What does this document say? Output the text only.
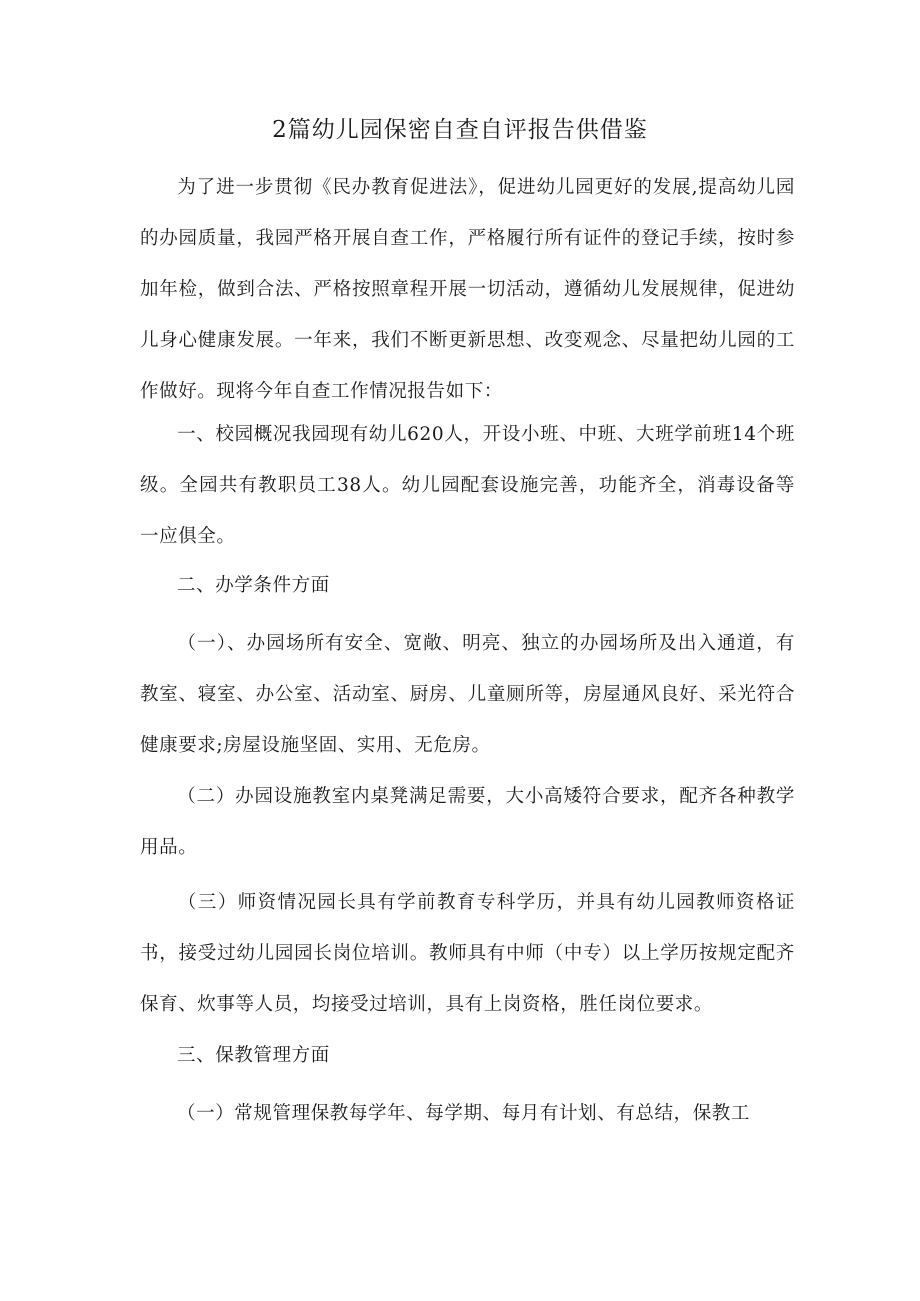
2篇幼儿园保密自查自评报告供借鉴

为了进一步贯彻《民办教育促进法》，促进幼儿园更好的发展,提高幼儿园的办园质量，我园严格开展自查工作，严格履行所有证件的登记手续，按时参加年检，做到合法、严格按照章程开展一切活动，遵循幼儿发展规律，促进幼儿身心健康发展。一年来，我们不断更新思想、改变观念、尽量把幼儿园的工作做好。现将今年自查工作情况报告如下：

一、校园概况我园现有幼儿620人，开设小班、中班、大班学前班14个班级。全园共有教职员工38人。幼儿园配套设施完善，功能齐全，消毒设备等一应俱全。

二、办学条件方面

（一）、办园场所有安全、宽敞、明亮、独立的办园场所及出入通道，有教室、寝室、办公室、活动室、厨房、儿童厕所等，房屋通风良好、采光符合健康要求;房屋设施坚固、实用、无危房。

（二）办园设施教室内桌凳满足需要，大小高矮符合要求，配齐各种教学用品。

（三）师资情况园长具有学前教育专科学历，并具有幼儿园教师资格证书，接受过幼儿园园长岗位培训。教师具有中师（中专）以上学历按规定配齐保育、炊事等人员，均接受过培训，具有上岗资格，胜任岗位要求。

三、保教管理方面

（一）常规管理保教每学年、每学期、每月有计划、有总结，保教工
